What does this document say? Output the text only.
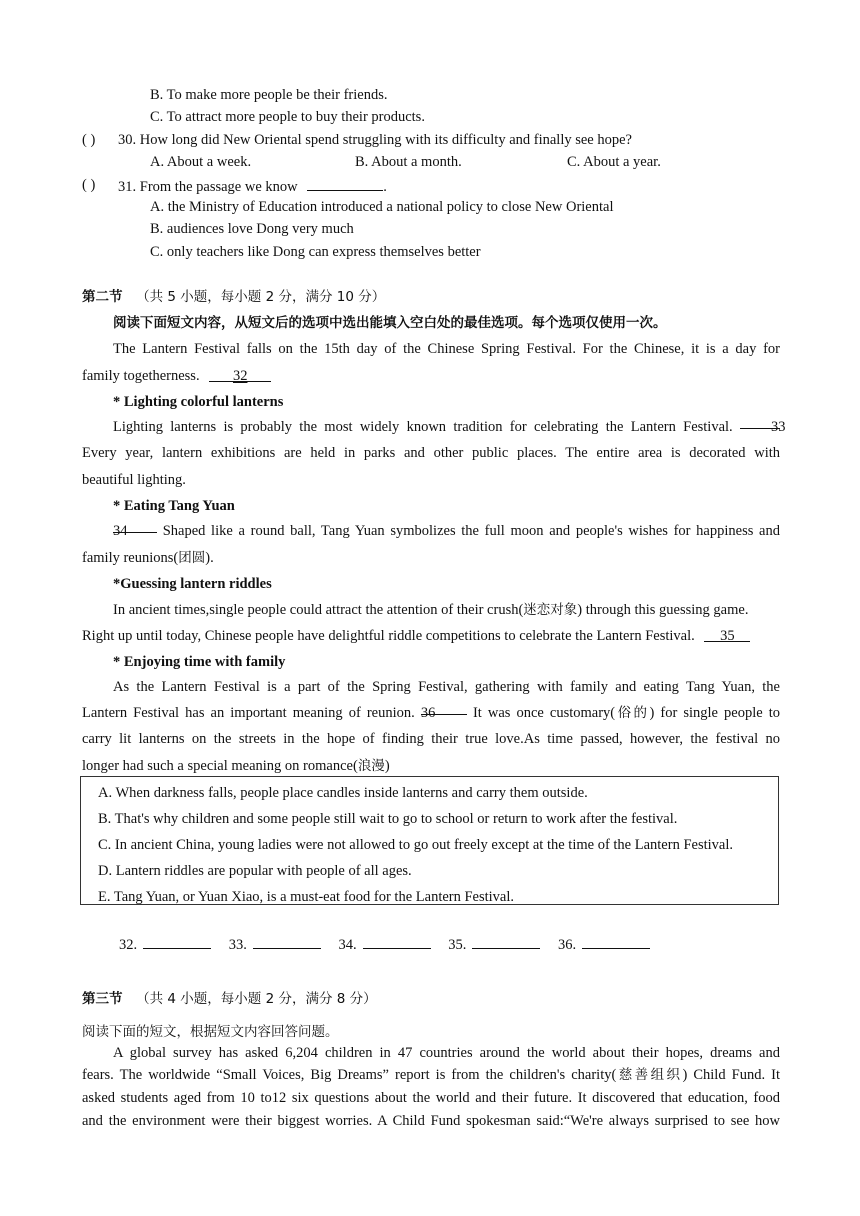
B. To make more people be their friends.
C. To attract more people to buy their products.
( ) 30. How long did New Oriental spend struggling with its difficulty and finally see hope?
A. About a week.	B. About a month.	C. About a year.
( ) 31. From the passage we know	.
A. the Ministry of Education introduced a national policy to close New Oriental
B. audiences love Dong very much
C. only teachers like Dong can express themselves better
第二节 （共 5 小题，每小题 2 分，满分 10 分）
阅读下面短文内容，从短文后的选项中选出能填入空白处的最佳选项。每个选项仅使用一次。
The Lantern Festival falls on the 15th day of the Chinese Spring Festival. For the Chinese, it is a day for
family togetherness. 32
* Lighting colorful lanterns
Lighting lanterns is probably the most widely known tradition for celebrating the Lantern Festival.	33
Every year, lantern exhibitions are held in parks and other public places. The entire area is decorated with
beautiful lighting.
* Eating Tang Yuan
34 Shaped like a round ball, Tang Yuan symbolizes the full moon and people's wishes for happiness and
family reunions(团圆).
*Guessing lantern riddles
In ancient times,single people could attract the attention of their crush(迷恋对象) through this guessing game.
Right up until today, Chinese people have delightful riddle competitions to celebrate the Lantern Festival. 35
* Enjoying time with family
As the Lantern Festival is a part of the Spring Festival, gathering with family and eating Tang Yuan, the
Lantern Festival has an important meaning of reunion. 36	It was once customary(俗的) for single people to
carry lit lanterns on the streets in the hope of finding their true love.As time passed, however, the festival no
longer had such a special meaning on romance(浪漫)
A. When darkness falls, people place candles inside lanterns and carry them outside.
B. That's why children and some people still wait to go to school or return to work after the festival.
C. In ancient China, young ladies were not allowed to go out freely except at the time of the Lantern Festival.
D. Lantern riddles are popular with people of all ages.
E. Tang Yuan, or Yuan Xiao, is a must-eat food for the Lantern Festival.
32.	33.	34.	35.	36.
第三节 （共 4 小题，每小题 2 分，满分 8 分）
阅读下面的短文，根据短文内容回答问题。
A global survey has asked 6,204 children in 47 countries around the world about their hopes, dreams and
fears. The worldwide “Small Voices, Big Dreams” report is from the children's charity(慈善组织) Child Fund. It
asked students aged from 10 to12 six questions about the world and their future. It discovered that education, food
and the environment were their biggest worries. A Child Fund spokesman said:“We're always surprised to see how
